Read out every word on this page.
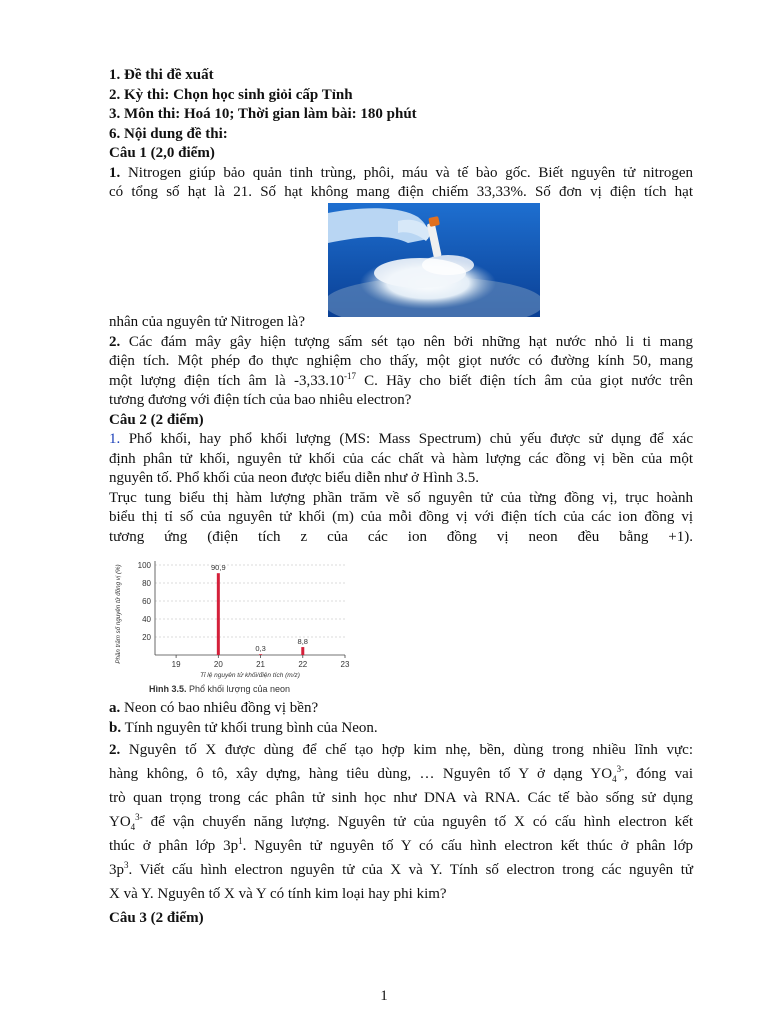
1. Đề thi đề xuất
2. Kỳ thi: Chọn học sinh giỏi cấp Tỉnh
3. Môn thi: Hoá 10; Thời gian làm bài: 180 phút
6. Nội dung đề thi:
Câu 1 (2,0 điểm)
1. Nitrogen giúp bảo quản tinh trùng, phôi, máu và tế bào gốc. Biết nguyên tử nitrogen
có tổng số hạt là 21. Số hạt không mang điện chiếm 33,33%. Số đơn vị điện tích hạt
nhân của nguyên tử Nitrogen là?
2. Các đám mây gây hiện tượng sấm sét tạo nên bởi những hạt nước nhỏ li ti mang
điện tích. Một phép đo thực nghiệm cho thấy, một giọt nước có đường kính 50, mang
một lượng điện tích âm là $-3,33.10^{-17}$ C. Hãy cho biết điện tích âm của giọt nước trên
tương đương với điện tích của bao nhiêu electron?
Câu 2 (2 điểm)
1. Phổ khối, hay phổ khối lượng (MS: Mass Spectrum) chủ yếu được sử dụng để xác
định phân tử khối, nguyên tử khối của các chất và hàm lượng các đồng vị bền của một
nguyên tố. Phổ khối của neon được biểu diễn như ở Hình 3.5.
Trục tung biểu thị hàm lượng phần trăm về số nguyên tử của từng đồng vị, trục hoành
biểu thị tỉ số của nguyên tử khối (m) của mỗi đồng vị với điện tích của các ion đồng vị
tương ứng (điện tích z của các ion đồng vị neon đều bằng +1).
100
80
60
40
20
19	20	21	22	23
90,9
0,3
8,8
Tỉ lệ nguyên tử khối/điện tích (m/z)
Phần trăm số nguyên tử đồng vị (%)
Hình 3.5. Phổ khối lượng của neon
a. Neon có bao nhiêu đồng vị bền?
b. Tính nguyên tử khối trung bình của Neon.
2. Nguyên tố X được dùng để chế tạo hợp kim nhẹ, bền, dùng trong nhiều lĩnh vực:
hàng không, ô tô, xây dựng, hàng tiêu dùng, … Nguyên tố Y ở dạng $YO_4^{3-}$, đóng vai
trò quan trọng trong các phân tử sinh học như DNA và RNA. Các tế bào sống sử dụng
$YO_4^{3-}$ để vận chuyển năng lượng. Nguyên tử của nguyên tố X có cấu hình electron kết
thúc ở phân lớp $3p^1$. Nguyên tử nguyên tố Y có cấu hình electron kết thúc ở phân lớp
$3p^3$. Viết cấu hình electron nguyên tử của X và Y. Tính số electron trong các nguyên tử
X và Y. Nguyên tố X và Y có tính kim loại hay phi kim?
Câu 3 (2 điểm)
1
